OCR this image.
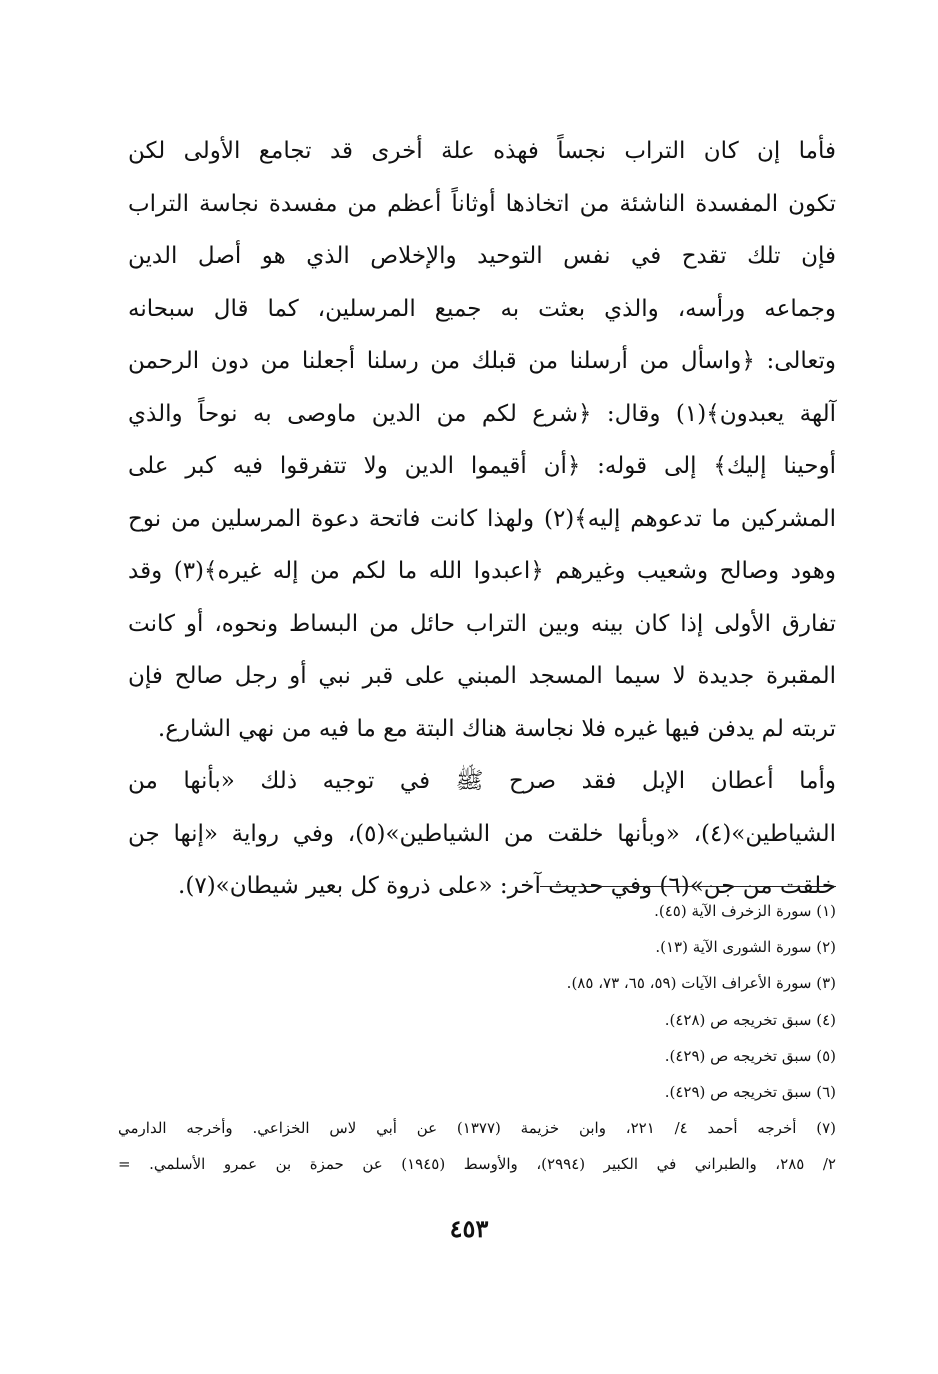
فأما إن كان التراب نجساً فهذه علة أخرى قد تجامع الأولى لكن
تكون المفسدة الناشئة من اتخاذها أوثاناً أعظم من مفسدة نجاسة التراب
فإن تلك تقدح في نفس التوحيد والإخلاص الذي هو أصل الدين
وجماعه ورأسه، والذي بعثت به جميع المرسلين، كما قال سبحانه
وتعالى: ﴿واسأل من أرسلنا من قبلك من رسلنا أجعلنا من دون الرحمن
آلهة يعبدون﴾(١) وقال: ﴿شرع لكم من الدين ماوصى به نوحاً والذي
أوحينا إليك﴾ إلى قوله: ﴿أن أقيموا الدين ولا تتفرقوا فيه كبر على
المشركين ما تدعوهم إليه﴾(٢) ولهذا كانت فاتحة دعوة المرسلين من نوح
وهود وصالح وشعيب وغيرهم ﴿اعبدوا الله ما لكم من إله غيره﴾(٣) وقد
تفارق الأولى إذا كان بينه وبين التراب حائل من البساط ونحوه، أو كانت
المقبرة جديدة لا سيما المسجد المبني على قبر نبي أو رجل صالح فإن
تربته لم يدفن فيها غيره فلا نجاسة هناك البتة مع ما فيه من نهي الشارع.
وأما أعطان الإبل فقد صرح ﷺ في توجيه ذلك «بأنها من
الشياطين»(٤)، «وبأنها خلقت من الشياطين»(٥)، وفي رواية «إنها جن
خلقت من جن»(٦) وفي حديث آخر: «على ذروة كل بعير شيطان»(٧).
(١) سورة الزخرف الآية (٤٥).
(٢) سورة الشورى الآية (١٣).
(٣) سورة الأعراف الآيات (٥٩، ٦٥، ٧٣، ٨٥).
(٤) سبق تخريجه ص (٤٢٨).
(٥) سبق تخريجه ص (٤٢٩).
(٦) سبق تخريجه ص (٤٢٩).
(٧) أخرجه أحمد ٤/ ٢٢١، وابن خزيمة (١٣٧٧) عن أبي لاس الخزاعي. وأخرجه الدارمي
٢/ ٢٨٥، والطبراني في الكبير (٢٩٩٤)، والأوسط (١٩٤٥) عن حمزة بن عمرو الأسلمي. =
٤٥٣
